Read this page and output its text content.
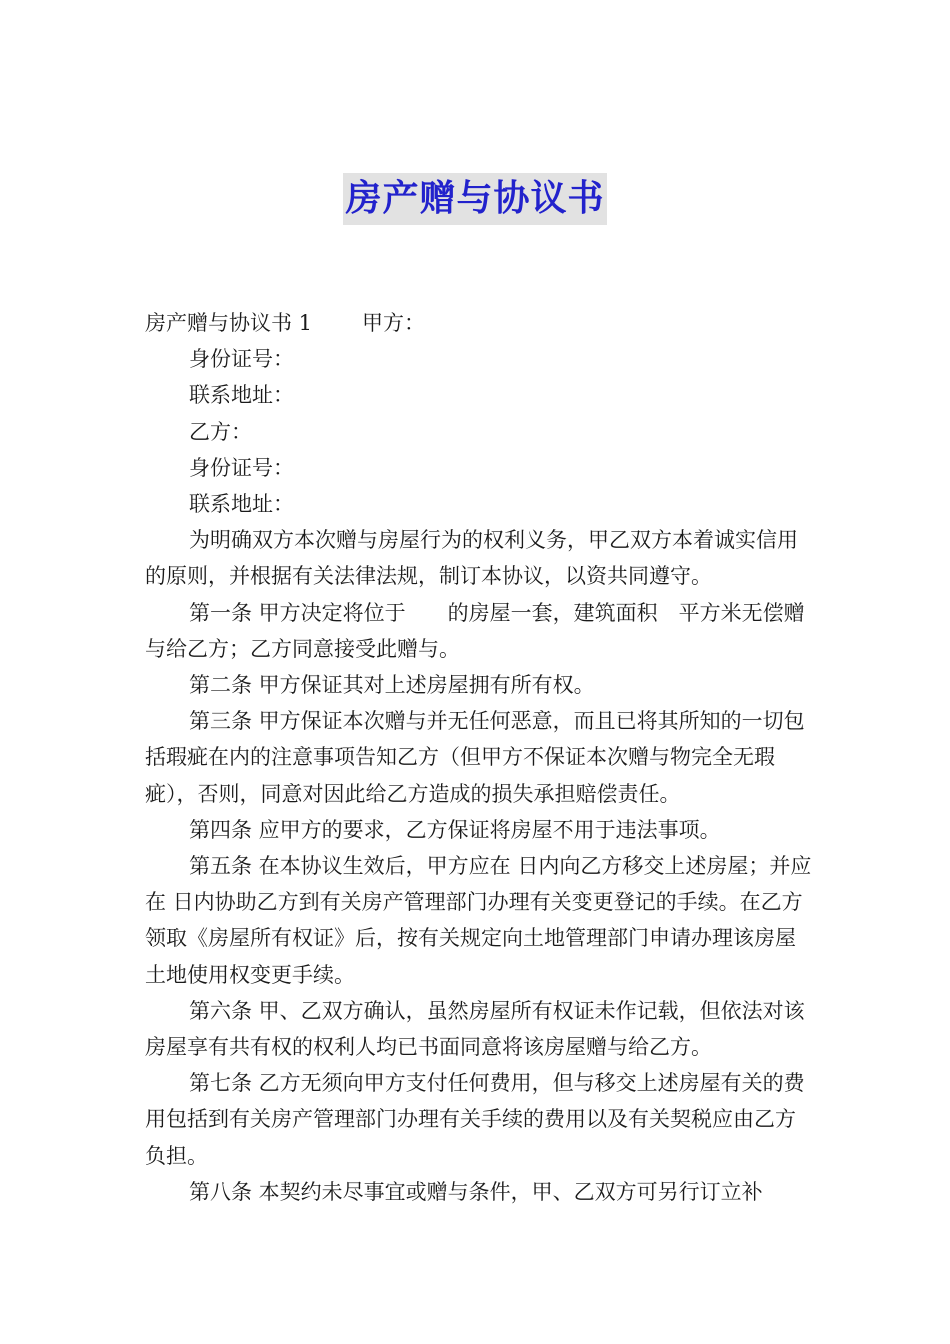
房产赠与协议书

房产赠与协议书 1 甲方：

身份证号：

联系地址：

乙方：

身份证号：

联系地址：

为明确双方本次赠与房屋行为的权利义务，甲乙双方本着诚实信用的原则，并根据有关法律法规，制订本协议，以资共同遵守。

第一条 甲方决定将位于　　的房屋一套，建筑面积　平方米无偿赠与给乙方；乙方同意接受此赠与。

第二条 甲方保证其对上述房屋拥有所有权。

第三条 甲方保证本次赠与并无任何恶意，而且已将其所知的一切包括瑕疵在内的注意事项告知乙方（但甲方不保证本次赠与物完全无瑕疵），否则，同意对因此给乙方造成的损失承担赔偿责任。

第四条 应甲方的要求，乙方保证将房屋不用于违法事项。

第五条 在本协议生效后，甲方应在 日内向乙方移交上述房屋；并应在 日内协助乙方到有关房产管理部门办理有关变更登记的手续。在乙方领取《房屋所有权证》后，按有关规定向土地管理部门申请办理该房屋土地使用权变更手续。

第六条 甲、乙双方确认，虽然房屋所有权证未作记载，但依法对该房屋享有共有权的权利人均已书面同意将该房屋赠与给乙方。

第七条 乙方无须向甲方支付任何费用，但与移交上述房屋有关的费用包括到有关房产管理部门办理有关手续的费用以及有关契税应由乙方负担。

第八条 本契约未尽事宜或赠与条件，甲、乙双方可另行订立补
